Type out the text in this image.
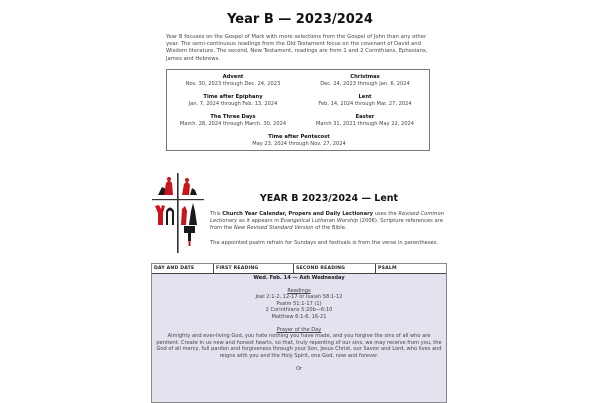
Year B — 2023/2024
Year B focuses on the Gospel of Mark with more selections from the Gospel of John than any other year. The semi-continuous readings from the Old Testament focus on the covenant of David and Wisdom literature. The second, New Testament, readings are from 1 and 2 Corinthians, Ephesians, James and Hebrews.
Advent
Nov. 30, 2023 through Dec. 24, 2023
Christmas
Dec. 24, 2023 through Jan. 6, 2024
Time after Epiphany
Jan. 7, 2024 through Feb. 13, 2024
Lent
Feb. 14, 2024 through Mar. 27, 2024
The Three Days
March. 28, 2024 through March. 30, 2024
Easter
March 31, 2021 through May 22, 2024
Time after Pentecost
May 23, 2024 through Nov. 27, 2024
YEAR B 2023/2024 — Lent
This Church Year Calendar, Propers and Daily Lectionary uses the Revised Common Lectionary as it appears in Evangelical Lutheran Worship (2006). Scripture references are from the New Revised Standard Version of the Bible.
The appointed psalm refrain for Sundays and festivals is from the verse in parentheses.
DAY AND DATE	FIRST READING	SECOND READING	PSALM
Wed. Feb. 14 — Ash Wednesday
Readings
Joel 2:1-2, 12-17 or Isaiah 58:1-12
Psalm 51:1-17 (1)
2 Corinthians 5:20b—6:10
Matthew 6:1-6, 16-21
Prayer of the Day
Almighty and ever-living God, you hate nothing you have made, and you forgive the sins of all who are penitent. Create in us new and honest hearts, so that, truly repenting of our sins, we may receive from you, the God of all mercy, full pardon and forgiveness through your Son, Jesus Christ, our Savior and Lord, who lives and reigns with you and the Holy Spirit, one God, now and forever.
Or
